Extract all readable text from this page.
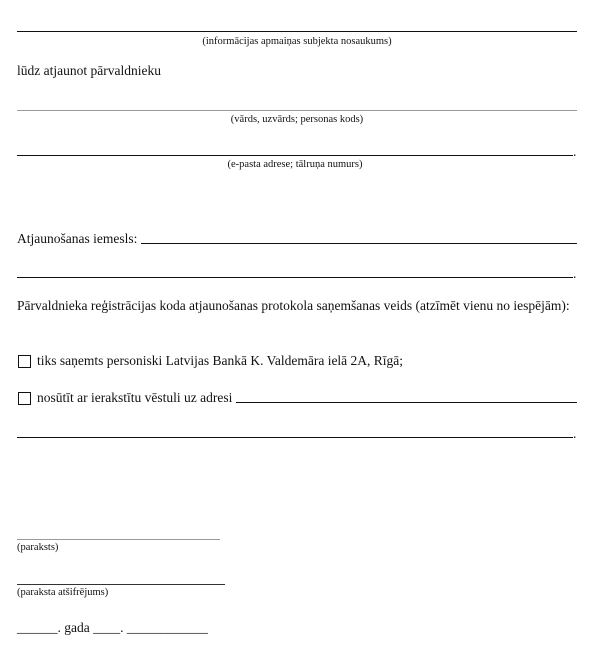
(informācijas apmaiņas subjekta nosaukums)
lūdz atjaunot pārvaldnieku
(vārds, uzvārds; personas kods)
.
(e-pasta adrese; tālruņa numurs)
Atjaunošanas iemesls:
.
Pārvaldnieka reģistrācijas koda atjaunošanas protokola saņemšanas veids (atzīmēt vienu no iespējām):
tiks saņemts personiski Latvijas Bankā K. Valdemāra ielā 2A, Rīgā;
nosūtīt ar ierakstītu vēstuli uz adresi
.
(paraksts)
(paraksta atšifrējums)
______. gada ____. ____________
